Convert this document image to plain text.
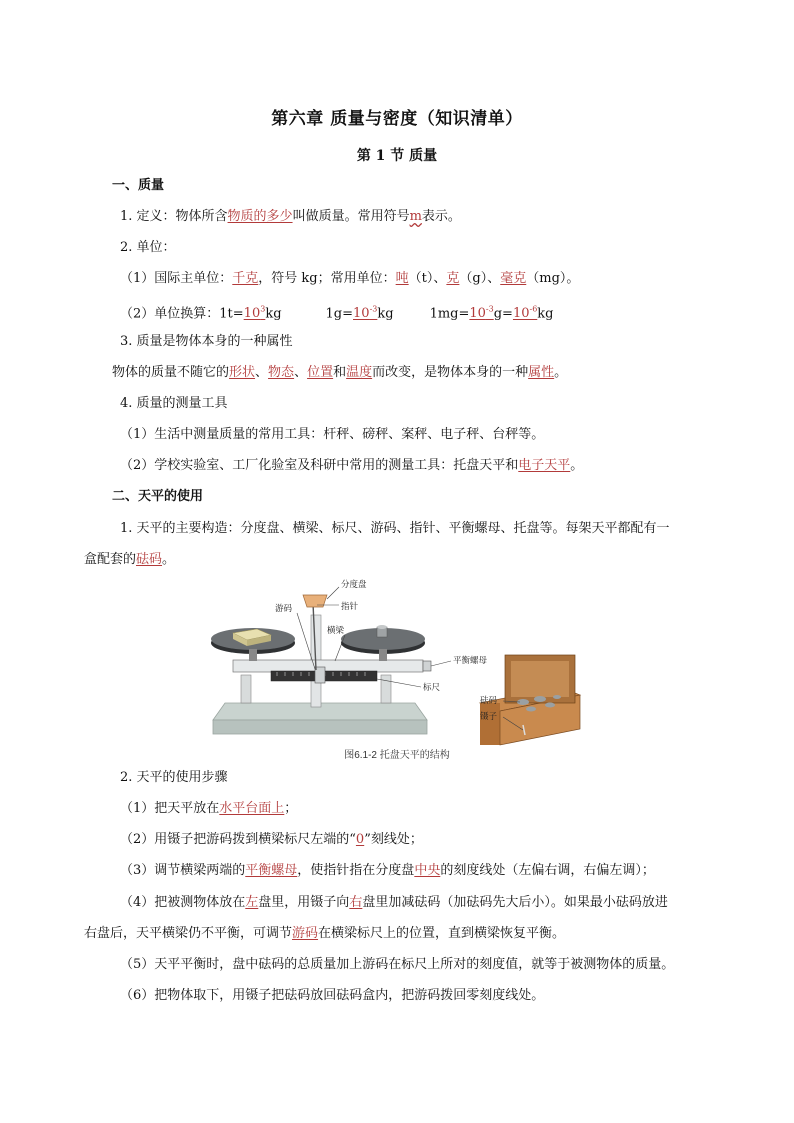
第六章 质量与密度（知识清单）
第 1 节 质量
一、质量
1. 定义：物体所含物质的多少叫做质量。常用符号m表示。
2. 单位：
（1）国际主单位：千克，符号 kg；常用单位：吨（t）、克（g）、毫克（mg）。
（2）单位换算：$1t=10^3kg$	$1g=10^{-3}kg$	$1mg=10^{-3}g=10^{-6}kg$
3. 质量是物体本身的一种属性
物体的质量不随它的形状、物态、位置和温度而改变，是物体本身的一种属性。
4. 质量的测量工具
（1）生活中测量质量的常用工具：杆秤、磅秤、案秤、电子秤、台秤等。
（2）学校实验室、工厂化验室及科研中常用的测量工具：托盘天平和电子天平。
二、天平的使用
1. 天平的主要构造：分度盘、横梁、标尺、游码、指针、平衡螺母、托盘等。每架天平都配有一
盒配套的砝码。
分度盘
游码	指针
横梁
平衡螺母
标尺
砝码
镊子
图6.1-2 托盘天平的结构
2. 天平的使用步骤
（1）把天平放在水平台面上；
（2）用镊子把游码拨到横梁标尺左端的“0”刻线处；
（3）调节横梁两端的平衡螺母，使指针指在分度盘中央的刻度线处（左偏右调，右偏左调）；
（4）把被测物体放在左盘里，用镊子向右盘里加减砝码（加砝码先大后小）。如果最小砝码放进
右盘后，天平横梁仍不平衡，可调节游码在横梁标尺上的位置，直到横梁恢复平衡。
（5）天平平衡时，盘中砝码的总质量加上游码在标尺上所对的刻度值，就等于被测物体的质量。
（6）把物体取下，用镊子把砝码放回砝码盒内，把游码拨回零刻度线处。
